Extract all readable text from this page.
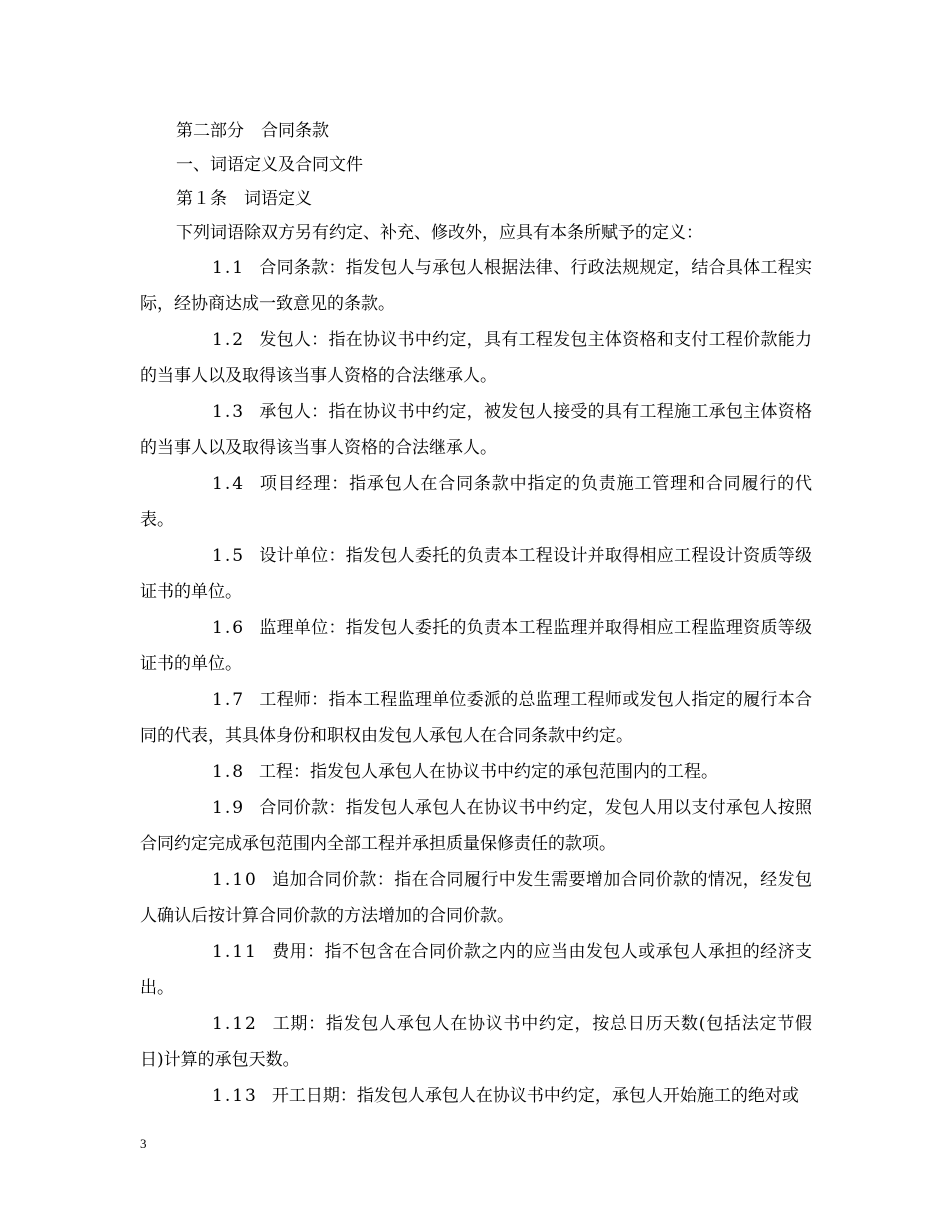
第二部分　合同条款
一、词语定义及合同文件
第１条　词语定义
下列词语除双方另有约定、补充、修改外，应具有本条所赋予的定义：

1.1 合同条款：指发包人与承包人根据法律、行政法规规定，结合具体工程实际，经协商达成一致意见的条款。

1.2 发包人：指在协议书中约定，具有工程发包主体资格和支付工程价款能力的当事人以及取得该当事人资格的合法继承人。

1.3 承包人：指在协议书中约定，被发包人接受的具有工程施工承包主体资格的当事人以及取得该当事人资格的合法继承人。

1.4 项目经理：指承包人在合同条款中指定的负责施工管理和合同履行的代表。

1.5 设计单位：指发包人委托的负责本工程设计并取得相应工程设计资质等级证书的单位。

1.6 监理单位：指发包人委托的负责本工程监理并取得相应工程监理资质等级证书的单位。

1.7 工程师：指本工程监理单位委派的总监理工程师或发包人指定的履行本合同的代表，其具体身份和职权由发包人承包人在合同条款中约定。

1.8 工程：指发包人承包人在协议书中约定的承包范围内的工程。

1.9 合同价款：指发包人承包人在协议书中约定，发包人用以支付承包人按照合同约定完成承包范围内全部工程并承担质量保修责任的款项。

1.10 追加合同价款：指在合同履行中发生需要增加合同价款的情况，经发包人确认后按计算合同价款的方法增加的合同价款。

1.11 费用：指不包含在合同价款之内的应当由发包人或承包人承担的经济支出。

1.12 工期：指发包人承包人在协议书中约定，按总日历天数(包括法定节假日)计算的承包天数。

1.13 开工日期：指发包人承包人在协议书中约定，承包人开始施工的绝对或

3
